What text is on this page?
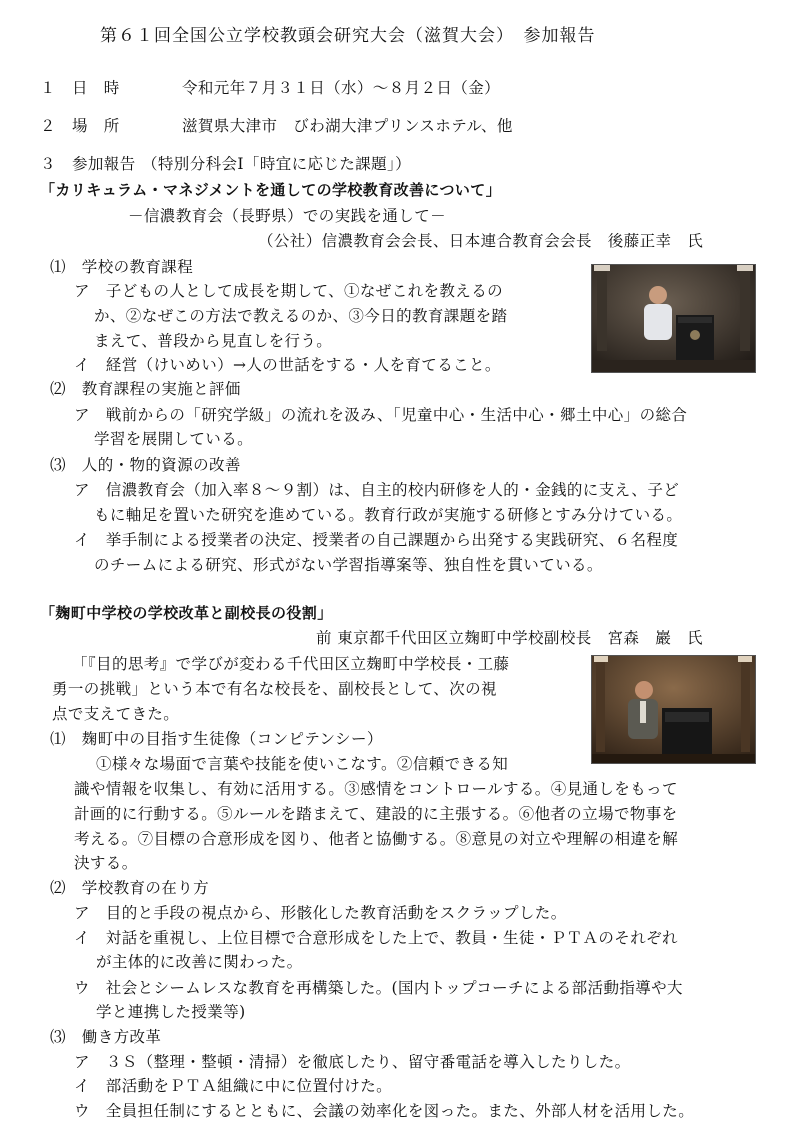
第６１回全国公立学校教頭会研究大会（滋賀大会）　参加報告
１ 日　時	令和元年７月３１日（水）～８月２日（金）
２ 場　所	滋賀県大津市　びわ湖大津プリンスホテル、他
３ 参加報告 （特別分科会Ⅰ「時宜に応じた課題」）
「カリキュラム・マネジメントを通しての学校教育改善について」
－信濃教育会（長野県）での実践を通して－
（公社）信濃教育会会長、日本連合教育会会長　後藤正幸　氏
⑴　学校の教育課程
ア　子どもの人として成長を期して、①なぜこれを教えるの
か、②なぜこの方法で教えるのか、③今日的教育課題を踏
まえて、普段から見直しを行う。
イ　経営（けいめい）→人の世話をする・人を育てること。
⑵　教育課程の実施と評価
ア　戦前からの「研究学級」の流れを汲み、「児童中心・生活中心・郷土中心」の総合
学習を展開している。
⑶　人的・物的資源の改善
ア　信濃教育会（加入率８～９割）は、自主的校内研修を人的・金銭的に支え、子ど
もに軸足を置いた研究を進めている。教育行政が実施する研修とすみ分けている。
イ　挙手制による授業者の決定、授業者の自己課題から出発する実践研究、６名程度
のチームによる研究、形式がない学習指導案等、独自性を貫いている。
「麹町中学校の学校改革と副校長の役割」
前 東京都千代田区立麹町中学校副校長　宮森　巖　氏
「『目的思考』で学びが変わる千代田区立麹町中学校長・工藤
勇一の挑戦」という本で有名な校長を、副校長として、次の視
点で支えてきた。
⑴　麹町中の目指す生徒像（コンピテンシー）
①様々な場面で言葉や技能を使いこなす。②信頼できる知
識や情報を収集し、有効に活用する。③感情をコントロールする。④見通しをもって
計画的に行動する。⑤ルールを踏まえて、建設的に主張する。⑥他者の立場で物事を
考える。⑦目標の合意形成を図り、他者と協働する。⑧意見の対立や理解の相違を解
決する。
⑵　学校教育の在り方
ア　目的と手段の視点から、形骸化した教育活動をスクラップした。
イ　対話を重視し、上位目標で合意形成をした上で、教員・生徒・ＰＴＡのそれぞれ
が主体的に改善に関わった。
ウ　社会とシームレスな教育を再構築した。(国内トップコーチによる部活動指導や大
学と連携した授業等)
⑶　働き方改革
ア　３Ｓ（整理・整頓・清掃）を徹底したり、留守番電話を導入したりした。
イ　部活動をＰＴＡ組織に中に位置付けた。
ウ　全員担任制にするとともに、会議の効率化を図った。また、外部人材を活用した。
